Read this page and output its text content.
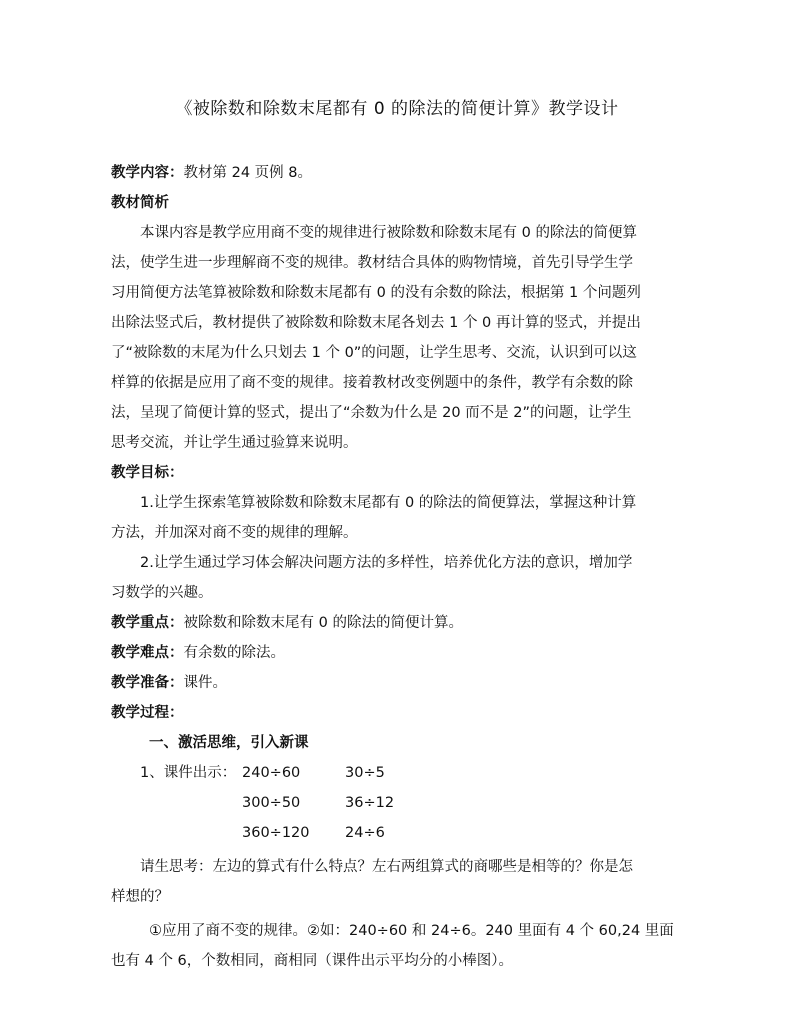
《被除数和除数末尾都有 0 的除法的简便计算》教学设计
教学内容：教材第 24 页例 8。
教材简析
本课内容是教学应用商不变的规律进行被除数和除数末尾有 0 的除法的简便算
法，使学生进一步理解商不变的规律。教材结合具体的购物情境，首先引导学生学
习用简便方法笔算被除数和除数末尾都有 0 的没有余数的除法，根据第 1 个问题列
出除法竖式后，教材提供了被除数和除数末尾各划去 1 个 0 再计算的竖式，并提出
了“被除数的末尾为什么只划去 1 个 0”的问题，让学生思考、交流，认识到可以这
样算的依据是应用了商不变的规律。接着教材改变例题中的条件，教学有余数的除
法，呈现了简便计算的竖式，提出了“余数为什么是 20 而不是 2”的问题，让学生
思考交流，并让学生通过验算来说明。
教学目标：
1.让学生探索笔算被除数和除数末尾都有 0 的除法的简便算法，掌握这种计算
方法，并加深对商不变的规律的理解。
2.让学生通过学习体会解决问题方法的多样性，培养优化方法的意识，增加学
习数学的兴趣。
教学重点：被除数和除数末尾有 0 的除法的简便计算。
教学难点：有余数的除法。
教学准备：课件。
教学过程：
一、激活思维，引入新课
1、课件出示： 240÷60	30÷5
300÷50	36÷12
360÷120 24÷6
请生思考：左边的算式有什么特点？左右两组算式的商哪些是相等的？你是怎
样想的？
①应用了商不变的规律。②如：240÷60 和 24÷6。240 里面有 4 个 60,24 里面
也有 4 个 6，个数相同，商相同（课件出示平均分的小棒图）。
